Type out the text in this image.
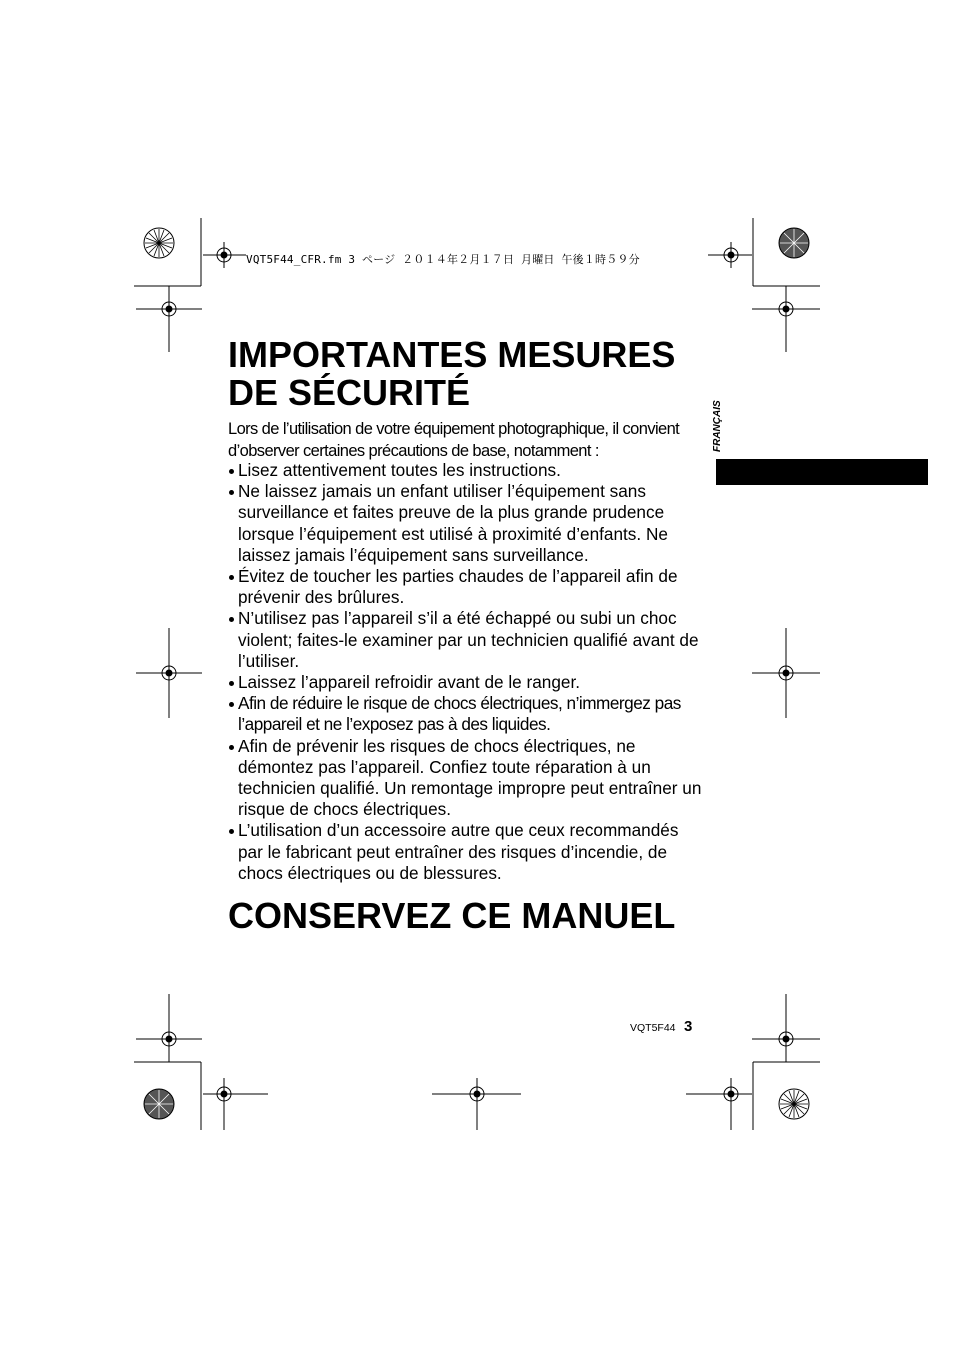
VQT5F44_CFR.fm 3 ページ ２０１４年２月１７日 月曜日 午後１時５９分
FRANÇAIS
IMPORTANTES MESURES
DE SÉCURITÉ

Lors de l’utilisation de votre équipement photographique, il convient d’observer certaines précautions de base, notamment :

Lisez attentivement toutes les instructions.
Ne laissez jamais un enfant utiliser l’équipement sans surveillance et faites preuve de la plus grande prudence lorsque l’équipement est utilisé à proximité d’enfants. Ne laissez jamais l’équipement sans surveillance.
Évitez de toucher les parties chaudes de l’appareil afin de prévenir des brûlures.
N’utilisez pas l’appareil s’il a été échappé ou subi un choc violent; faites-le examiner par un technicien qualifié avant de l’utiliser.
Laissez l’appareil refroidir avant de le ranger.
Afin de réduire le risque de chocs électriques, n’immergez pas l’appareil et ne l’exposez pas à des liquides.
Afin de prévenir les risques de chocs électriques, ne démontez pas l’appareil. Confiez toute réparation à un technicien qualifié. Un remontage impropre peut entraîner un risque de chocs électriques.
L’utilisation d’un accessoire autre que ceux recommandés par le fabricant peut entraîner des risques d’incendie, de chocs électriques ou de blessures.
CONSERVEZ CE MANUEL
VQT5F44 3
